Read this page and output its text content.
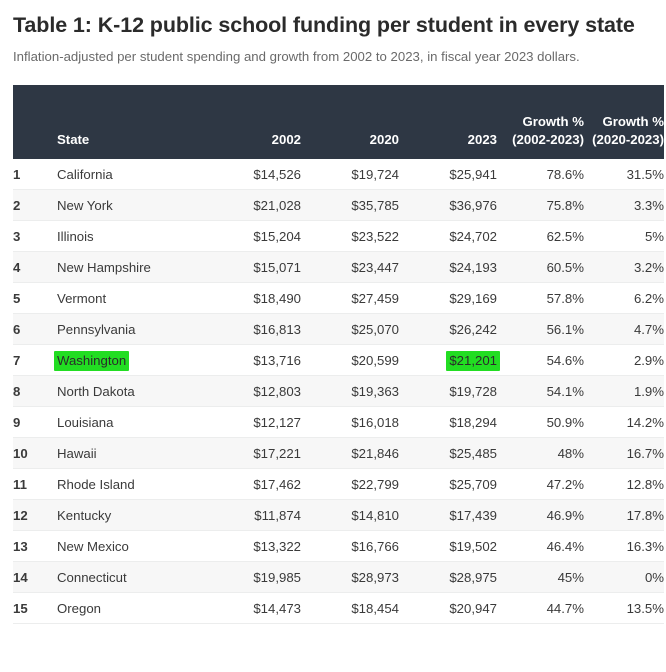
Table 1: K-12 public school funding per student in every state

Inflation-adjusted per student spending and growth from 2002 to 2023, in fiscal year 2023 dollars.

	State	2002	2020	2023	Growth % (2002-2023)	Growth % (2020-2023)
1	California	$14,526	$19,724	$25,941	78.6%	31.5%
2	New York	$21,028	$35,785	$36,976	75.8%	3.3%
3	Illinois	$15,204	$23,522	$24,702	62.5%	5%
4	New Hampshire	$15,071	$23,447	$24,193	60.5%	3.2%
5	Vermont	$18,490	$27,459	$29,169	57.8%	6.2%
6	Pennsylvania	$16,813	$25,070	$26,242	56.1%	4.7%
7	Washington	$13,716	$20,599	$21,201	54.6%	2.9%
8	North Dakota	$12,803	$19,363	$19,728	54.1%	1.9%
9	Louisiana	$12,127	$16,018	$18,294	50.9%	14.2%
10	Hawaii	$17,221	$21,846	$25,485	48%	16.7%
11	Rhode Island	$17,462	$22,799	$25,709	47.2%	12.8%
12	Kentucky	$11,874	$14,810	$17,439	46.9%	17.8%
13	New Mexico	$13,322	$16,766	$19,502	46.4%	16.3%
14	Connecticut	$19,985	$28,973	$28,975	45%	0%
15	Oregon	$14,473	$18,454	$20,947	44.7%	13.5%
